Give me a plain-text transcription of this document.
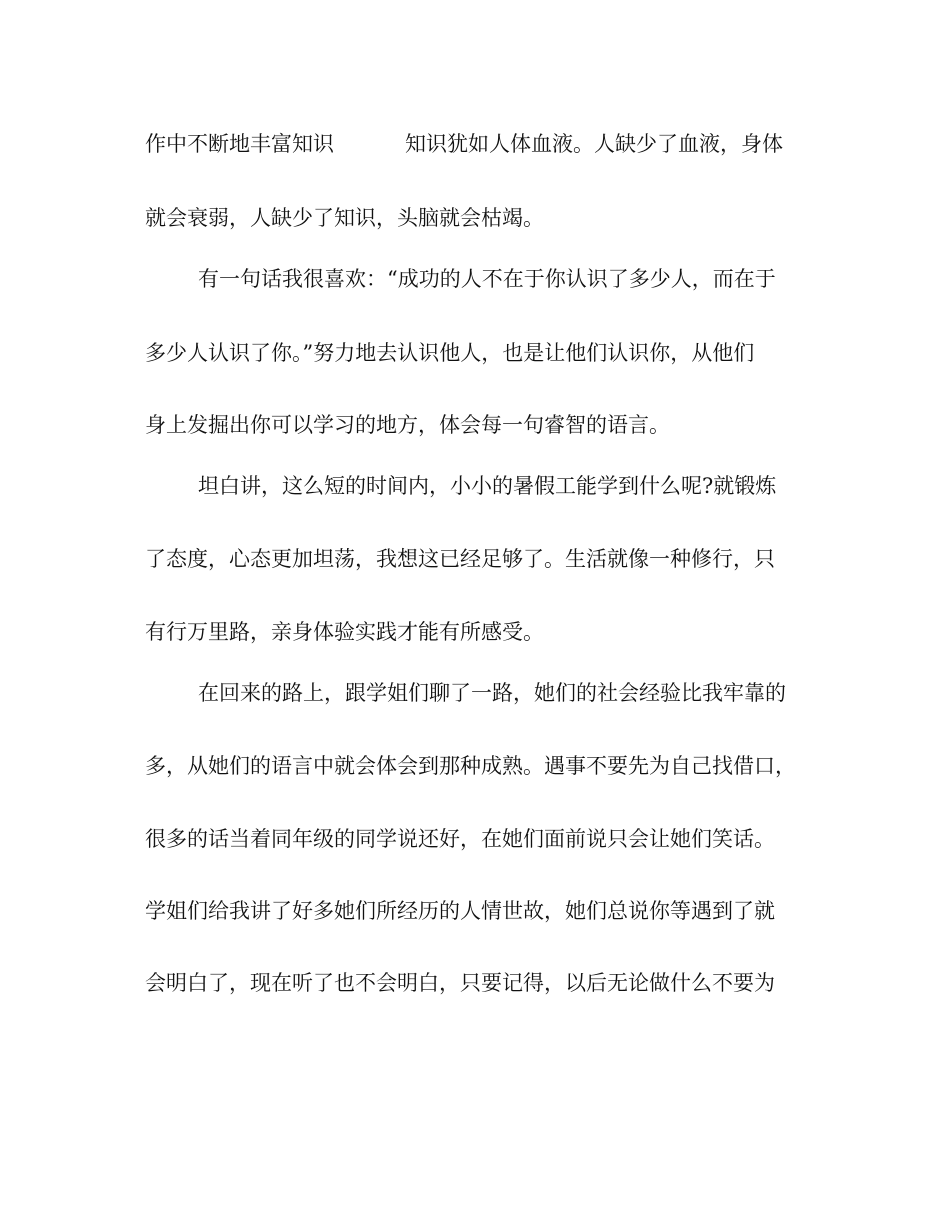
作中不断地丰富知识	知识犹如人体血液。人缺少了血液，身体

就会衰弱，人缺少了知识，头脑就会枯竭。

有一句话我很喜欢：“成功的人不在于你认识了多少人，而在于

多少人认识了你。”努力地去认识他人，也是让他们认识你，从他们

身上发掘出你可以学习的地方，体会每一句睿智的语言。

坦白讲，这么短的时间内，小小的暑假工能学到什么呢?就锻炼

了态度，心态更加坦荡，我想这已经足够了。生活就像一种修行，只

有行万里路，亲身体验实践才能有所感受。

在回来的路上，跟学姐们聊了一路，她们的社会经验比我牢靠的

多，从她们的语言中就会体会到那种成熟。遇事不要先为自己找借口，

很多的话当着同年级的同学说还好，在她们面前说只会让她们笑话。

学姐们给我讲了好多她们所经历的人情世故，她们总说你等遇到了就

会明白了，现在听了也不会明白，只要记得，以后无论做什么不要为
